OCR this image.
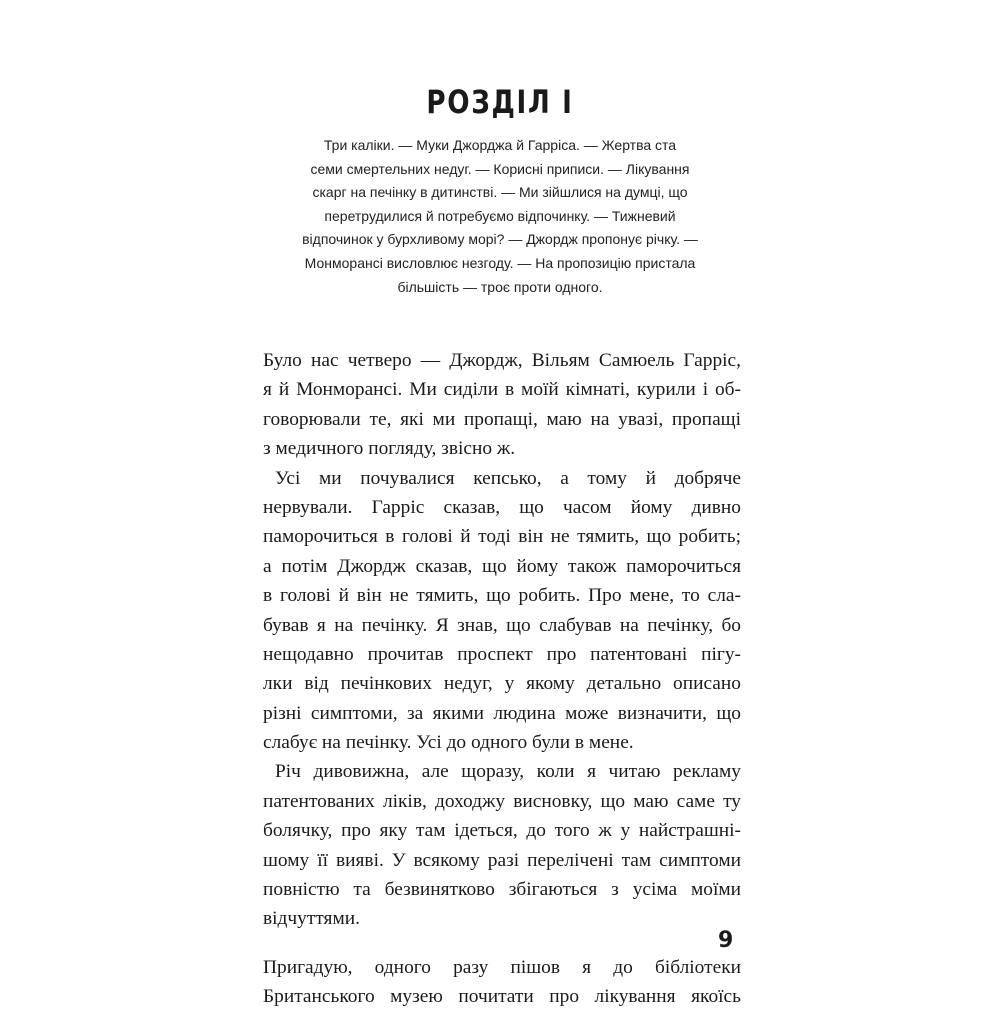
РОЗДІЛ І
Три каліки. — Муки Джорджа й Гарріса. — Жертва ста
семи смертельних недуг. — Корисні приписи. — Лікування
скарг на печінку в дитинстві. — Ми зійшлися на думці, що
перетрудилися й потребуємо відпочинку. — Тижневий
відпочинок у бурхливому морі? — Джордж пропонує річку. —
Монморансі висловлює незгоду. — На пропозицію пристала
більшість — троє проти одного.
Було нас четверо — Джордж, Вільям Самюель Гарріс,
я й Монморансі. Ми сиділи в моїй кімнаті, курили і об-
говорювали те, які ми пропащі, маю на увазі, пропащі
з медичного погляду, звісно ж.
Усі ми почувалися кепсько, а тому й добряче
нервували. Гарріс сказав, що часом йому дивно
паморочиться в голові й тоді він не тямить, що робить;
а потім Джордж сказав, що йому також паморочиться
в голові й він не тямить, що робить. Про мене, то сла-
бував я на печінку. Я знав, що слабував на печінку, бо
нещодавно прочитав проспект про патентовані пігу-
лки від печінкових недуг, у якому детально описано
різні симптоми, за якими людина може визначити, що
слабує на печінку. Усі до одного були в мене.
Річ дивовижна, але щоразу, коли я читаю рекламу
патентованих ліків, доходжу висновку, що маю саме ту
болячку, про яку там ідеться, до того ж у найстрашні-
шому її вияві. У всякому разі перелічені там симптоми
повністю та безвинятково збігаються з усіма моїми
відчуттями.
Пригадую, одного разу пішов я до бібліотеки
Британського музею почитати про лікування якоїсь
9
